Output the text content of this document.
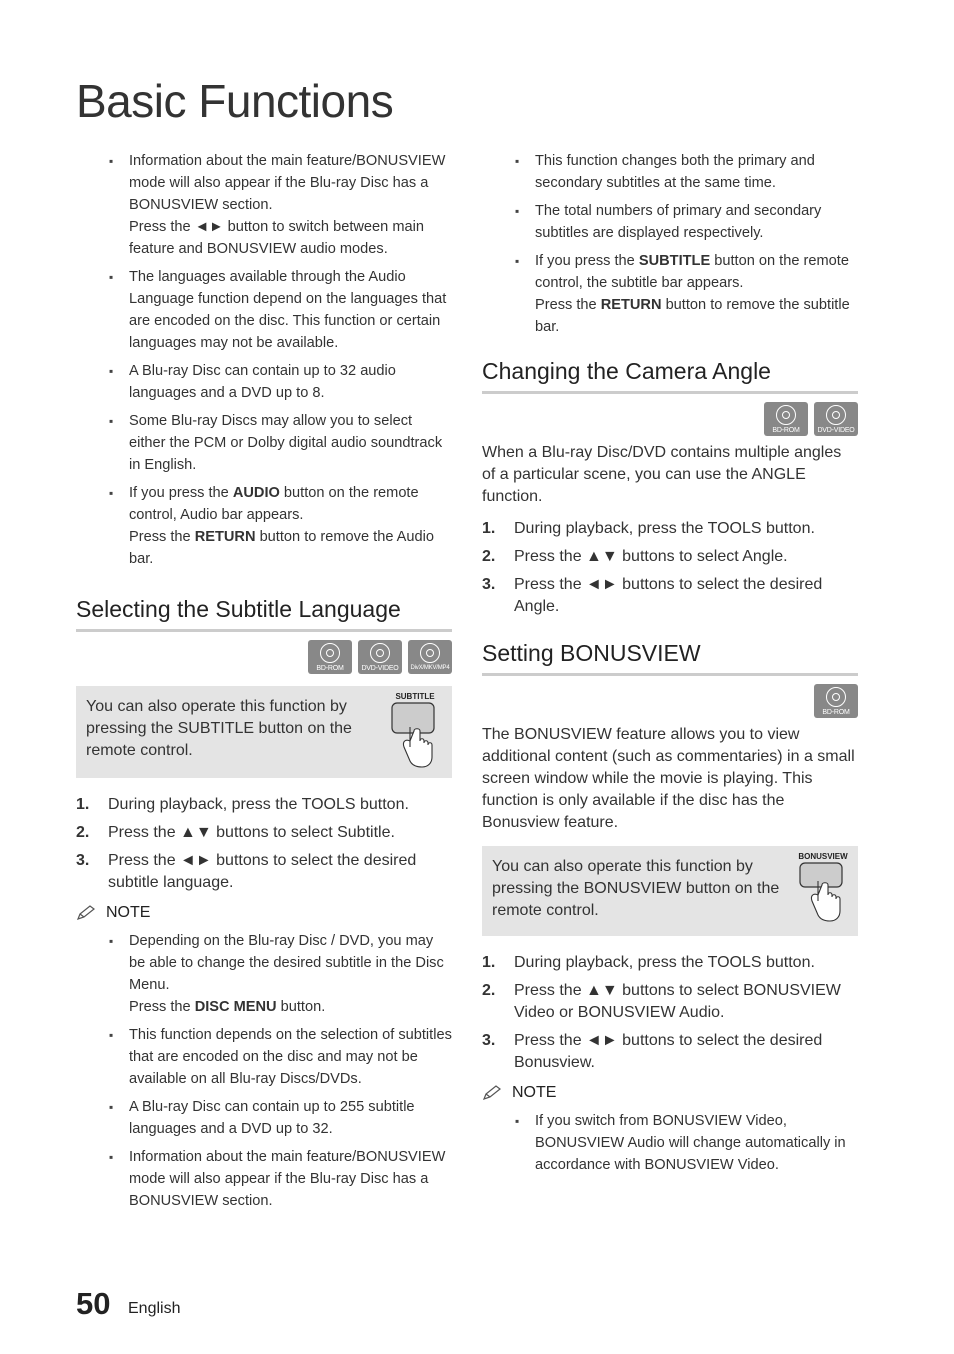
Basic Functions
▪ Information about the main feature/BONUSVIEW mode will also appear if the Blu-ray Disc has a BONUSVIEW section.
Press the ◄► button to switch between main feature and BONUSVIEW audio modes.
▪ The languages available through the Audio Language function depend on the languages that are encoded on the disc. This function or certain languages may not be available.
▪ A Blu-ray Disc can contain up to 32 audio languages and a DVD up to 8.
▪ Some Blu-ray Discs may allow you to select either the PCM or Dolby digital audio soundtrack in English.
▪ If you press the AUDIO button on the remote control, Audio bar appears.
Press the RETURN button to remove the Audio bar.
Selecting the Subtitle Language
BD-ROM	DVD-VIDEO DivX/MKV/MP4
You can also operate this function by pressing the SUBTITLE button on the remote control.
SUBTITLE
1. During playback, press the TOOLS button.
2. Press the ▲▼ buttons to select Subtitle.
3. Press the ◄► buttons to select the desired subtitle language.
NOTE
▪ Depending on the Blu-ray Disc / DVD, you may be able to change the desired subtitle in the Disc Menu.
Press the DISC MENU button.
▪ This function depends on the selection of subtitles that are encoded on the disc and may not be available on all Blu-ray Discs/DVDs.
▪ A Blu-ray Disc can contain up to 255 subtitle languages and a DVD up to 32.
▪ Information about the main feature/BONUSVIEW mode will also appear if the Blu-ray Disc has a BONUSVIEW section.
▪ This function changes both the primary and secondary subtitles at the same time.
▪ The total numbers of primary and secondary subtitles are displayed respectively.
▪ If you press the SUBTITLE button on the remote control, the subtitle bar appears.
Press the RETURN button to remove the subtitle bar.
Changing the Camera Angle
BD-ROM	DVD-VIDEO

When a Blu-ray Disc/DVD contains multiple angles of a particular scene, you can use the ANGLE function.

1. During playback, press the TOOLS button.
2. Press the ▲▼ buttons to select Angle.
3. Press the ◄► buttons to select the desired Angle.
Setting BONUSVIEW
BD-ROM

The BONUSVIEW feature allows you to view additional content (such as commentaries) in a small screen window while the movie is playing. This function is only available if the disc has the Bonusview feature.

You can also operate this function by pressing the BONUSVIEW button on the remote control.
BONUSVIEW
1. During playback, press the TOOLS button.
2. Press the ▲▼ buttons to select BONUSVIEW Video or BONUSVIEW Audio.
3. Press the ◄► buttons to select the desired Bonusview.
NOTE
▪ If you switch from BONUSVIEW Video, BONUSVIEW Audio will change automatically in accordance with BONUSVIEW Video.
50 English
